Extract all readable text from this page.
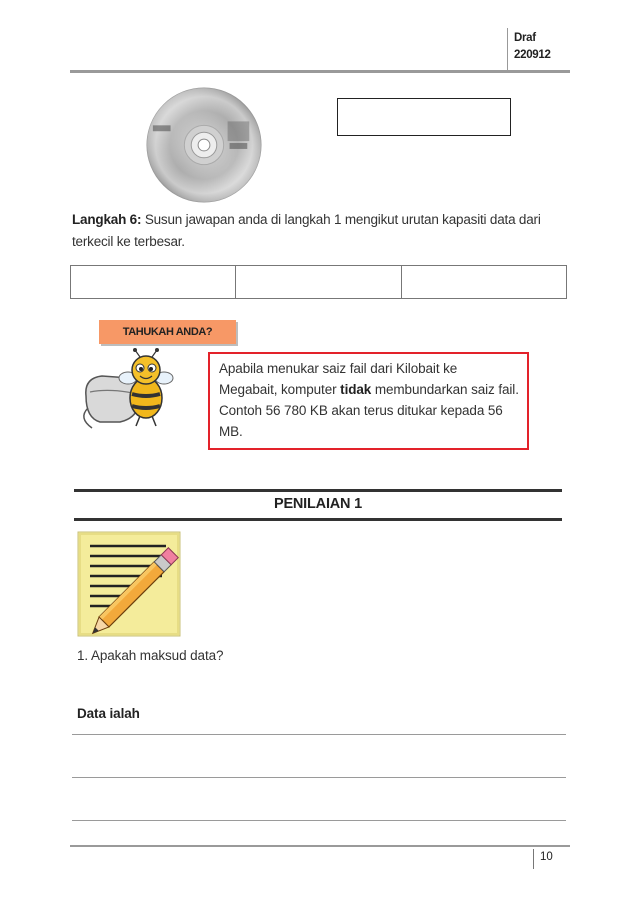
Draf
220912
Langkah 6: Susun jawapan anda di langkah 1 mengikut urutan kapasiti data dari terkecil ke terbesar.

TAHUKAH ANDA?
Apabila menukar saiz fail dari Kilobait ke Megabait, komputer tidak membundarkan saiz fail. Contoh 56 780 KB akan terus ditukar kepada 56 MB.
PENILAIAN 1
1. Apakah maksud data?
Data ialah
10
